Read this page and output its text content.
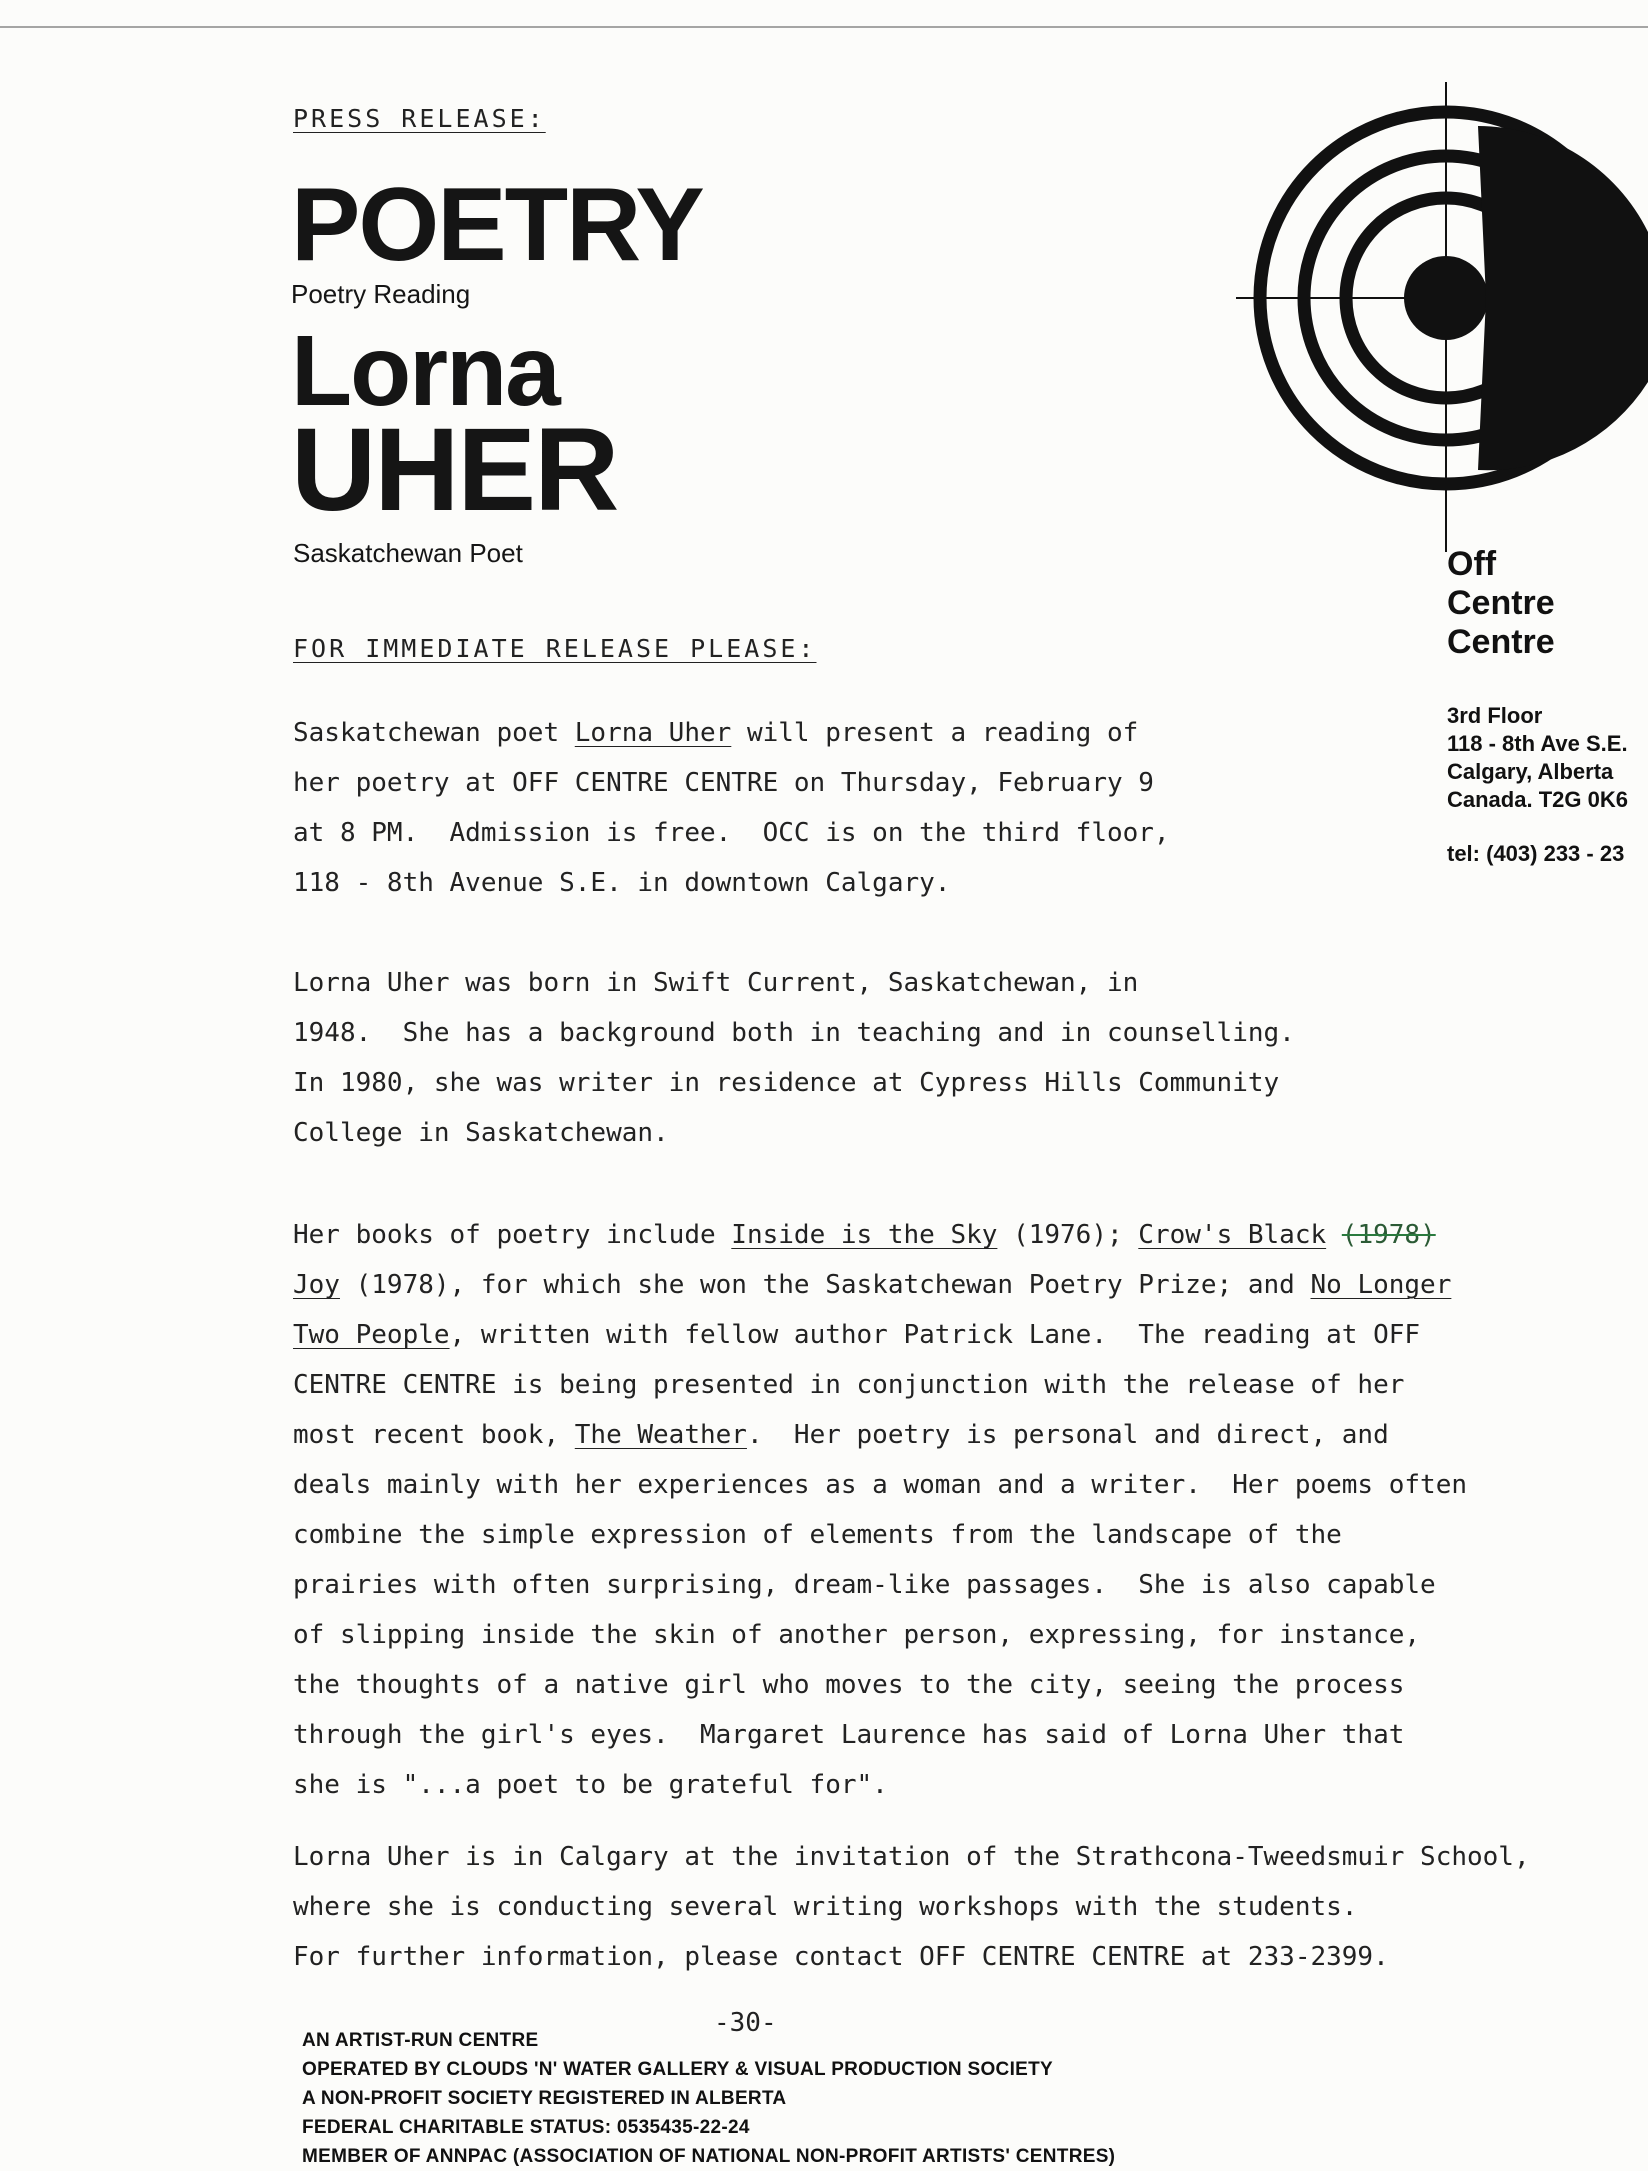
PRESS RELEASE:
POETRY
Poetry Reading
Lorna
UHER
Saskatchewan Poet	Off
Centre
Centre
3rd Floor
118 - 8th Ave S.E.
Calgary, Alberta
Canada. T2G 0K6
tel: (403) 233 - 23
FOR IMMEDIATE RELEASE PLEASE:
Saskatchewan poet Lorna Uher will present a reading of
her poetry at OFF CENTRE CENTRE on Thursday, February 9
at 8 PM.  Admission is free.  OCC is on the third floor,
118 - 8th Avenue S.E. in downtown Calgary.
Lorna Uher was born in Swift Current, Saskatchewan, in
1948.  She has a background both in teaching and in counselling.
In 1980, she was writer in residence at Cypress Hills Community
College in Saskatchewan.
Her books of poetry include Inside is the Sky (1976); Crow's Black (1978)
Joy (1978), for which she won the Saskatchewan Poetry Prize; and No Longer
Two People, written with fellow author Patrick Lane.  The reading at OFF
CENTRE CENTRE is being presented in conjunction with the release of her
most recent book, The Weather.  Her poetry is personal and direct, and
deals mainly with her experiences as a woman and a writer.  Her poems often
combine the simple expression of elements from the landscape of the
prairies with often surprising, dream-like passages.  She is also capable
of slipping inside the skin of another person, expressing, for instance,
the thoughts of a native girl who moves to the city, seeing the process
through the girl's eyes.  Margaret Laurence has said of Lorna Uher that
she is "...a poet to be grateful for".
Lorna Uher is in Calgary at the invitation of the Strathcona-Tweedsmuir School,
where she is conducting several writing workshops with the students.
For further information, please contact OFF CENTRE CENTRE at 233-2399.
-30-
AN ARTIST-RUN CENTRE
OPERATED BY CLOUDS 'N' WATER GALLERY & VISUAL PRODUCTION SOCIETY
A NON-PROFIT SOCIETY REGISTERED IN ALBERTA
FEDERAL CHARITABLE STATUS: 0535435-22-24
MEMBER OF ANNPAC (ASSOCIATION OF NATIONAL NON-PROFIT ARTISTS' CENTRES)
